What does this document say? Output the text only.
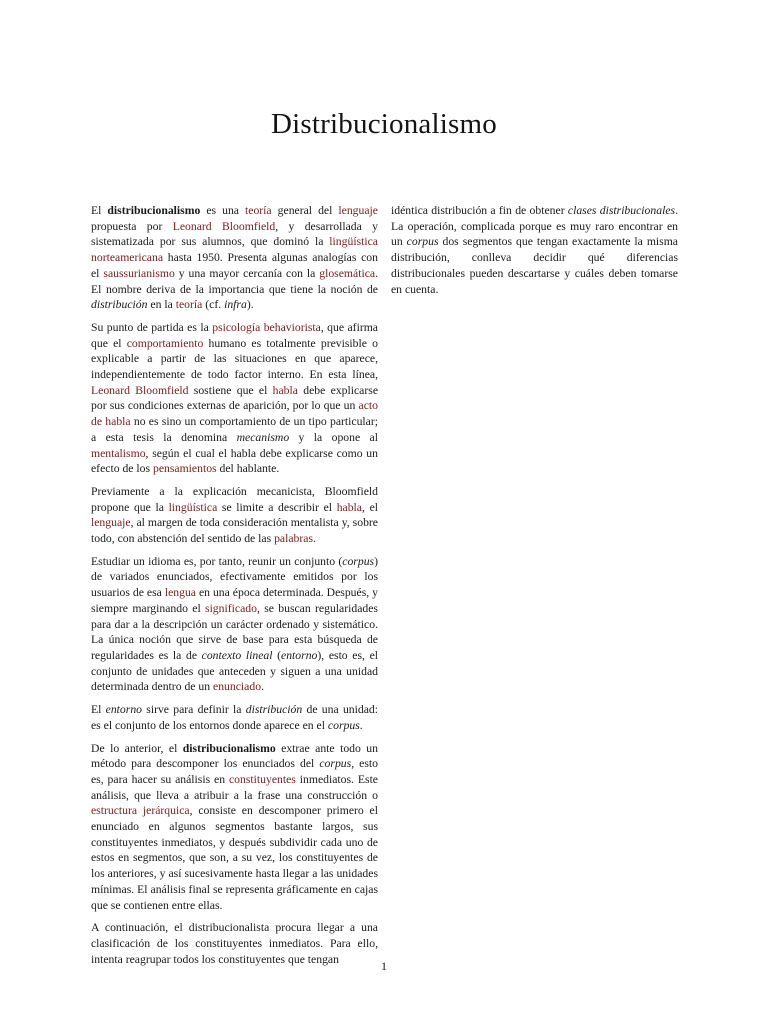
Distribucionalismo

El distribucionalismo es una teoría general del lenguaje propuesta por Leonard Bloomfield, y desarrollada y sistematizada por sus alumnos, que dominó la lingüística norteamericana hasta 1950. Presenta algunas analogías con el saussurianismo y una mayor cercanía con la glosemática. El nombre deriva de la importancia que tiene la noción de distribución en la teoría (cf. infra).

Su punto de partida es la psicología behaviorista, que afirma que el comportamiento humano es totalmente previsible o explicable a partir de las situaciones en que aparece, independientemente de todo factor interno. En esta línea, Leonard Bloomfield sostiene que el habla debe explicarse por sus condiciones externas de aparición, por lo que un acto de habla no es sino un comportamiento de un tipo particular; a esta tesis la denomina mecanismo y la opone al mentalismo, según el cual el habla debe explicarse como un efecto de los pensamientos del hablante.

Previamente a la explicación mecanicista, Bloomfield propone que la lingüística se limite a describir el habla, el lenguaje, al margen de toda consideración mentalista y, sobre todo, con abstención del sentido de las palabras.

Estudiar un idioma es, por tanto, reunir un conjunto (corpus) de variados enunciados, efectivamente emitidos por los usuarios de esa lengua en una época determinada. Después, y siempre marginando el significado, se buscan regularidades para dar a la descripción un carácter ordenado y sistemático. La única noción que sirve de base para esta búsqueda de regularidades es la de contexto lineal (entorno), esto es, el conjunto de unidades que anteceden y siguen a una unidad determinada dentro de un enunciado.

El entorno sirve para definir la distribución de una unidad: es el conjunto de los entornos donde aparece en el corpus.

De lo anterior, el distribucionalismo extrae ante todo un método para descomponer los enunciados del corpus, esto es, para hacer su análisis en constituyentes inmediatos. Este análisis, que lleva a atribuir a la frase una construcción o estructura jerárquica, consiste en descomponer primero el enunciado en algunos segmentos bastante largos, sus constituyentes inmediatos, y después subdividir cada uno de estos en segmentos, que son, a su vez, los constituyentes de los anteriores, y así sucesivamente hasta llegar a las unidades mínimas. El análisis final se representa gráficamente en cajas que se contienen entre ellas.

A continuación, el distribucionalista procura llegar a una clasificación de los constituyentes inmediatos. Para ello, intenta reagrupar todos los constituyentes que tengan

idéntica distribución a fin de obtener clases distribucionales. La operación, complicada porque es muy raro encontrar en un corpus dos segmentos que tengan exactamente la misma distribución, conlleva decidir qué diferencias distribucionales pueden descartarse y cuáles deben tomarse en cuenta.

1
